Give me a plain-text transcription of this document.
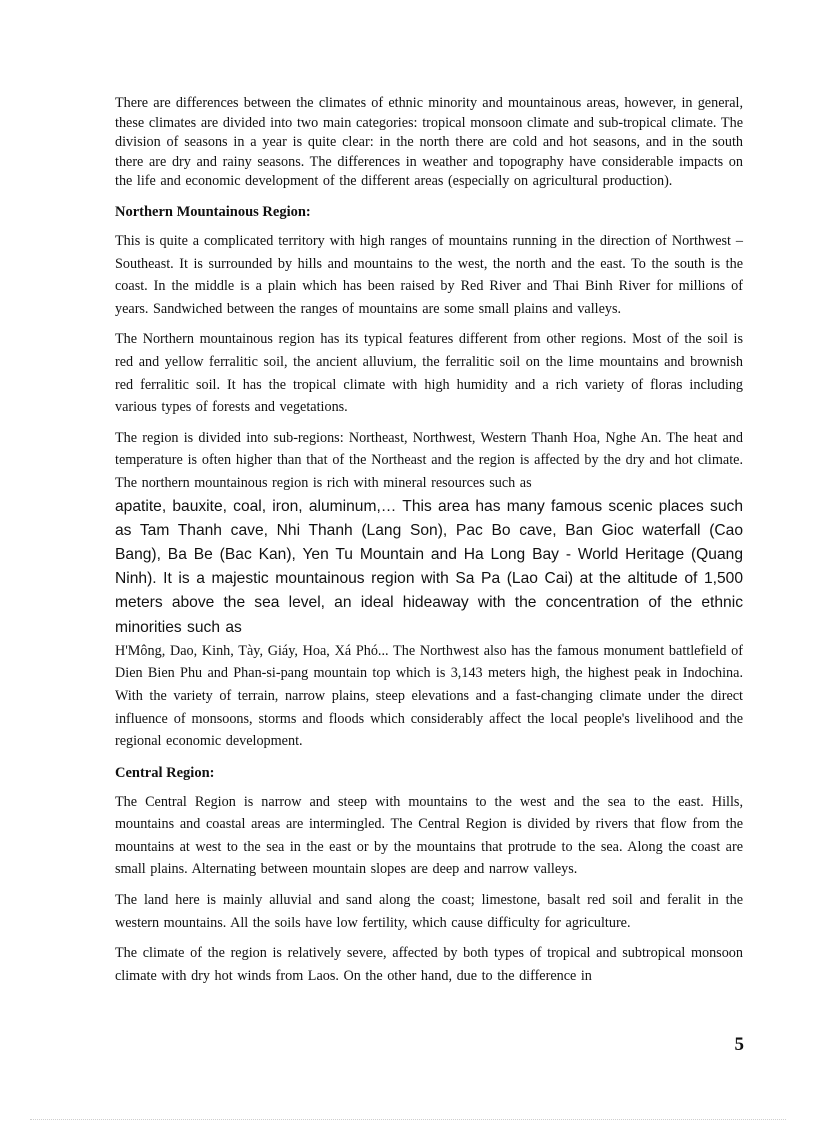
There are differences between the climates of ethnic minority and mountainous areas, however, in general, these climates are divided into two main categories: tropical monsoon climate and sub-tropical climate. The division of seasons in a year is quite clear: in the north there are cold and hot seasons, and in the south there are dry and rainy seasons. The differences in weather and topography have considerable impacts on the life and economic development of the different areas (especially on agricultural production).

Northern Mountainous Region:

This is quite a complicated territory with high ranges of mountains running in the direction of Northwest – Southeast. It is surrounded by hills and mountains to the west, the north and the east. To the south is the coast. In the middle is a plain which has been raised by Red River and Thai Binh River for millions of years. Sandwiched between the ranges of mountains are some small plains and valleys.

The Northern mountainous region has its typical features different from other regions. Most of the soil is red and yellow ferralitic soil, the ancient alluvium, the ferralitic soil on the lime mountains and brownish red ferralitic soil. It has the tropical climate with high humidity and a rich variety of floras including various types of forests and vegetations.

The region is divided into sub-regions: Northeast, Northwest, Western Thanh Hoa, Nghe An. The heat and temperature is often higher than that of the Northeast and the region is affected by the dry and hot climate. The northern mountainous region is rich with mineral resources such as

apatite, bauxite, coal, iron, aluminum,… This area has many famous scenic places such as Tam Thanh cave, Nhi Thanh (Lang Son), Pac Bo cave, Ban Gioc waterfall (Cao Bang), Ba Be (Bac Kan), Yen Tu Mountain and Ha Long Bay - World Heritage (Quang Ninh). It is a majestic mountainous region with Sa Pa (Lao Cai) at the altitude of 1,500 meters above the sea level, an ideal hideaway with the concentration of the ethnic minorities such as

H'Mông, Dao, Kinh, Tày, Giáy, Hoa, Xá Phó... The Northwest also has the famous monument battlefield of Dien Bien Phu and Phan-si-pang mountain top which is 3,143 meters high, the highest peak in Indochina. With the variety of terrain, narrow plains, steep elevations and a fast-changing climate under the direct influence of monsoons, storms and floods which considerably affect the local people's livelihood and the regional economic development.

Central Region:

The Central Region is narrow and steep with mountains to the west and the sea to the east. Hills, mountains and coastal areas are intermingled. The Central Region is divided by rivers that flow from the mountains at west to the sea in the east or by the mountains that protrude to the sea. Along the coast are small plains. Alternating between mountain slopes are deep and narrow valleys.

The land here is mainly alluvial and sand along the coast; limestone, basalt red soil and feralit in the western mountains. All the soils have low fertility, which cause difficulty for agriculture.

The climate of the region is relatively severe, affected by both types of tropical and subtropical monsoon climate with dry hot winds from Laos. On the other hand, due to the difference in

5
